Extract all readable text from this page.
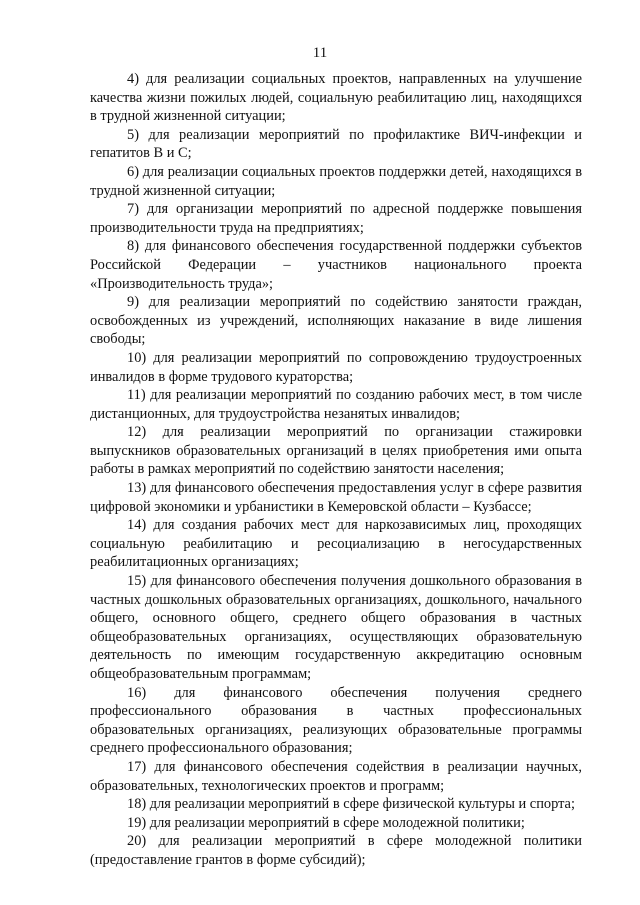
11

4) для реализации социальных проектов, направленных на улучшение качества жизни пожилых людей, социальную реабилитацию лиц, находящихся в трудной жизненной ситуации;

5) для реализации мероприятий по профилактике ВИЧ-инфекции и гепатитов В и С;

6) для реализации социальных проектов поддержки детей, находящихся в трудной жизненной ситуации;

7) для организации мероприятий по адресной поддержке повышения производительности труда на предприятиях;

8) для финансового обеспечения государственной поддержки субъектов Российской Федерации – участников национального проекта «Производительность труда»;

9) для реализации мероприятий по содействию занятости граждан, освобожденных из учреждений, исполняющих наказание в виде лишения свободы;

10) для реализации мероприятий по сопровождению трудоустроенных инвалидов в форме трудового кураторства;

11) для реализации мероприятий по созданию рабочих мест, в том числе дистанционных, для трудоустройства незанятых инвалидов;

12) для реализации мероприятий по организации стажировки выпускников образовательных организаций в целях приобретения ими опыта работы в рамках мероприятий по содействию занятости населения;

13) для финансового обеспечения предоставления услуг в сфере развития цифровой экономики и урбанистики в Кемеровской области – Кузбассе;

14) для создания рабочих мест для наркозависимых лиц, проходящих социальную реабилитацию и ресоциализацию в негосударственных реабилитационных организациях;

15) для финансового обеспечения получения дошкольного образования в частных дошкольных образовательных организациях, дошкольного, начального общего, основного общего, среднего общего образования в частных общеобразовательных организациях, осуществляющих образовательную деятельность по имеющим государственную аккредитацию основным общеобразовательным программам;

16) для финансового обеспечения получения среднего профессионального образования в частных профессиональных образовательных организациях, реализующих образовательные программы среднего профессионального образования;

17) для финансового обеспечения содействия в реализации научных, образовательных, технологических проектов и программ;

18) для реализации мероприятий в сфере физической культуры и спорта;

19) для реализации мероприятий в сфере молодежной политики;

20) для реализации мероприятий в сфере молодежной политики (предоставление грантов в форме субсидий);
